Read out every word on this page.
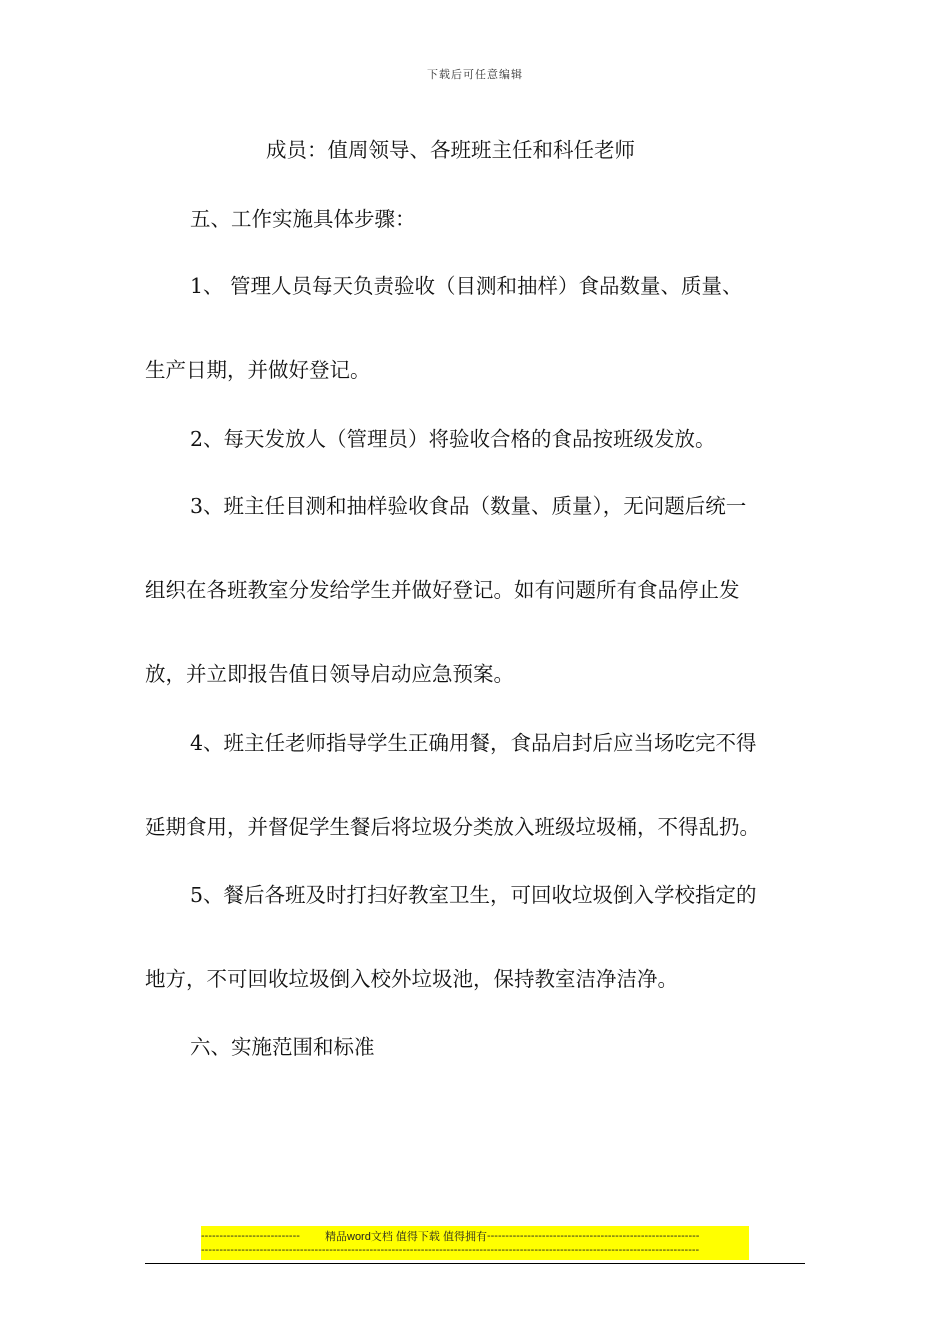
下载后可任意编辑
成员：值周领导、各班班主任和科任老师
五、工作实施具体步骤：
1、 管理人员每天负责验收（目测和抽样）食品数量、质量、
生产日期，并做好登记。
2、每天发放人（管理员）将验收合格的食品按班级发放。
3、班主任目测和抽样验收食品（数量、质量），无问题后统一
组织在各班教室分发给学生并做好登记。如有问题所有食品停止发
放，并立即报告值日领导启动应急预案。
4、班主任老师指导学生正确用餐，食品启封后应当场吃完不得
延期食用，并督促学生餐后将垃圾分类放入班级垃圾桶，不得乱扔。
5、餐后各班及时打扫好教室卫生，可回收垃圾倒入学校指定的
地方，不可回收垃圾倒入校外垃圾池，保持教室洁净洁净。
六、实施范围和标准
---------------------------	精品word文档 值得下载 值得拥有 ----------------------------------------------------------
----------------------------------------------------------------------------------------------------------------------------------------
